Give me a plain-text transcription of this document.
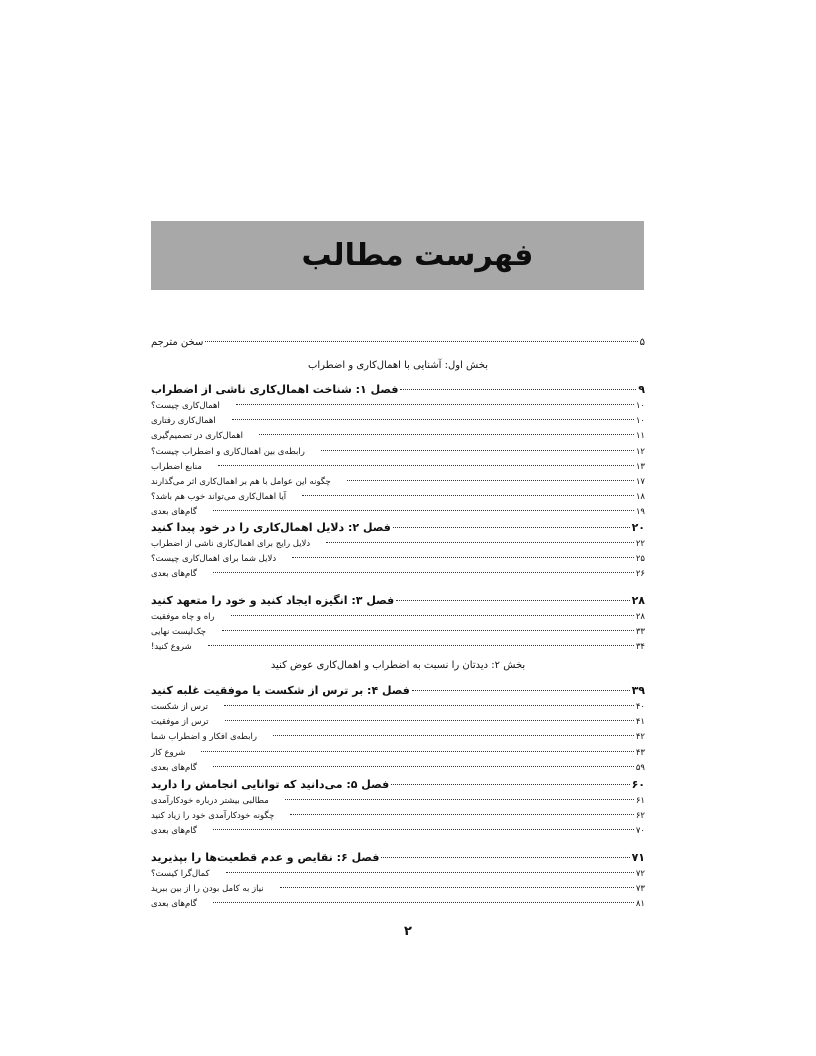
فهرست مطالب
سخن مترجم	۵
بخش اول: آشنایی با اهمال‌کاری و اضطراب
بخش ۲: دیدتان را نسبت به اضطراب و اهمال‌کاری عوض کنید
فصل ۱: شناخت اهمال‌کاری ناشی از اضطراب	۹
اهمال‌کاری چیست؟	۱۰
اهمال‌کاری رفتاری	۱۰
اهمال‌کاری در تصمیم‌گیری	۱۱
رابطه‌ی بین اهمال‌کاری و اضطراب چیست؟	۱۲
منابع اضطراب	۱۳
چگونه این عوامل با هم بر اهمال‌کاری اثر می‌گذارند	۱۷
آیا اهمال‌کاری می‌تواند خوب هم باشد؟	۱۸
گام‌های بعدی	۱۹
فصل ۲: دلایل اهمال‌کاری را در خود پیدا کنید	۲۰
دلایل رایج برای اهمال‌کاری ناشی از اضطراب	۲۲
دلایل شما برای اهمال‌کاری چیست؟	۲۵
گام‌های بعدی	۲۶
فصل ۳: انگیزه ایجاد کنید و خود را متعهد کنید	۲۸
راه و چاه موفقیت	۲۸
چک‌لیست نهایی	۳۳
شروع کنید!	۳۴
فصل ۴: بر ترس از شکست یا موفقیت غلبه کنید	۳۹
ترس از شکست	۴۰
ترس از موفقیت	۴۱
رابطه‌ی افکار و اضطراب شما	۴۲
شروع کار	۴۳
گام‌های بعدی	۵۹
فصل ۵: می‌دانید که توانایی انجامش را دارید	۶۰
مطالبی بیشتر درباره خودکارآمدی	۶۱
چگونه خودکارآمدی خود را زیاد کنید	۶۲
گام‌های بعدی	۷۰
فصل ۶: نقایص و عدم قطعیت‌ها را بپذیرید	۷۱
کمال‌گرا کیست؟	۷۲
نیاز به کامل بودن را از بین ببرید	۷۳
گام‌های بعدی	۸۱
۲
